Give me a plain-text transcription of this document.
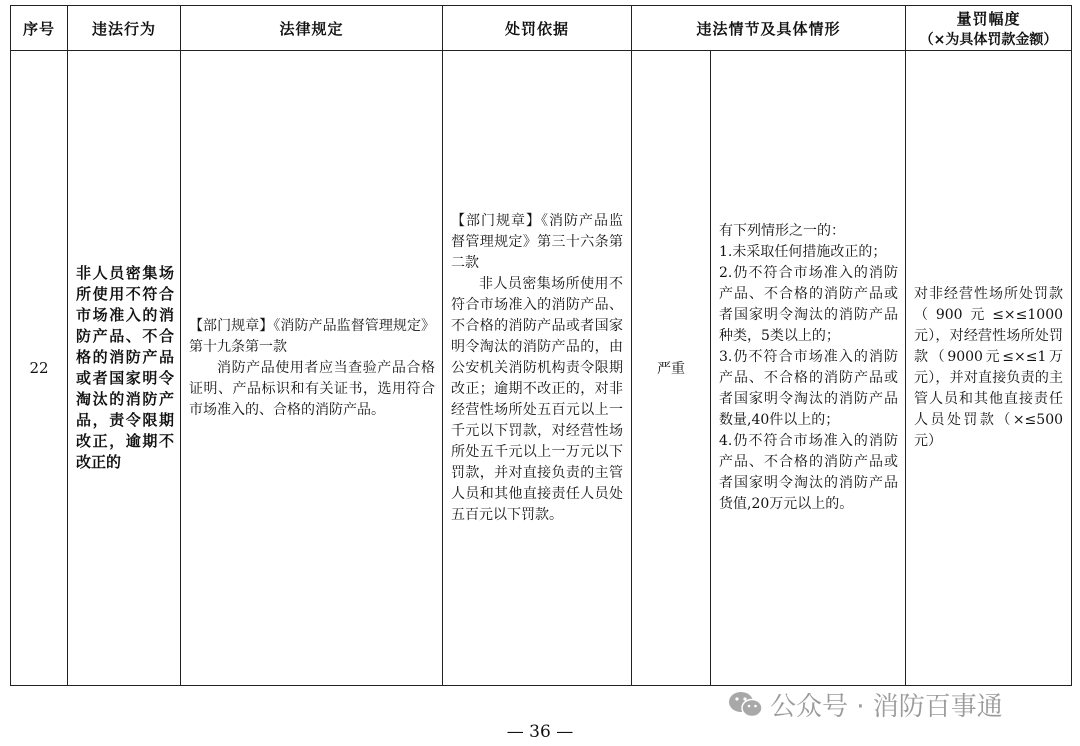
序号	违法行为	法律规定	处罚依据	违法情节及具体情形		量罚幅度
（×为具体罚款金额）

22	非人员密集场所使用不符合市场准入的消防产品、不合格的消防产品或者国家明令淘汰的消防产品，责令限期改正，逾期不改正的	【部门规章】《消防产品监督管理规定》第十九条第一款
消防产品使用者应当查验产品合格证明、产品标识和有关证书，选用符合市场准入的、合格的消防产品。	【部门规章】《消防产品监督管理规定》第三十六条第二款
非人员密集场所使用不符合市场准入的消防产品、不合格的消防产品或者国家明令淘汰的消防产品的，由公安机关消防机构责令限期改正；逾期不改正的，对非经营性场所处五百元以上一千元以下罚款，对经营性场所处五千元以上一万元以下罚款，并对直接负责的主管人员和其他直接责任人员处五百元以下罚款。	严重	有下列情形之一的：
1.未采取任何措施改正的；
2.仍不符合市场准入的消防产品、不合格的消防产品或者国家明令淘汰的消防产品种类，5类以上的；
3.仍不符合市场准入的消防产品、不合格的消防产品或者国家明令淘汰的消防产品数量,40件以上的；
4.仍不符合市场准入的消防产品、不合格的消防产品或者国家明令淘汰的消防产品货值,20万元以上的。	对非经营性场所处罚款（900元≤×≤1000元），对经营性场所处罚款（9000元≤×≤1万元），并对直接负责的主管人员和其他直接责任人员处罚款（×≤500元）
公众号 · 消防百事通
— 36 —
